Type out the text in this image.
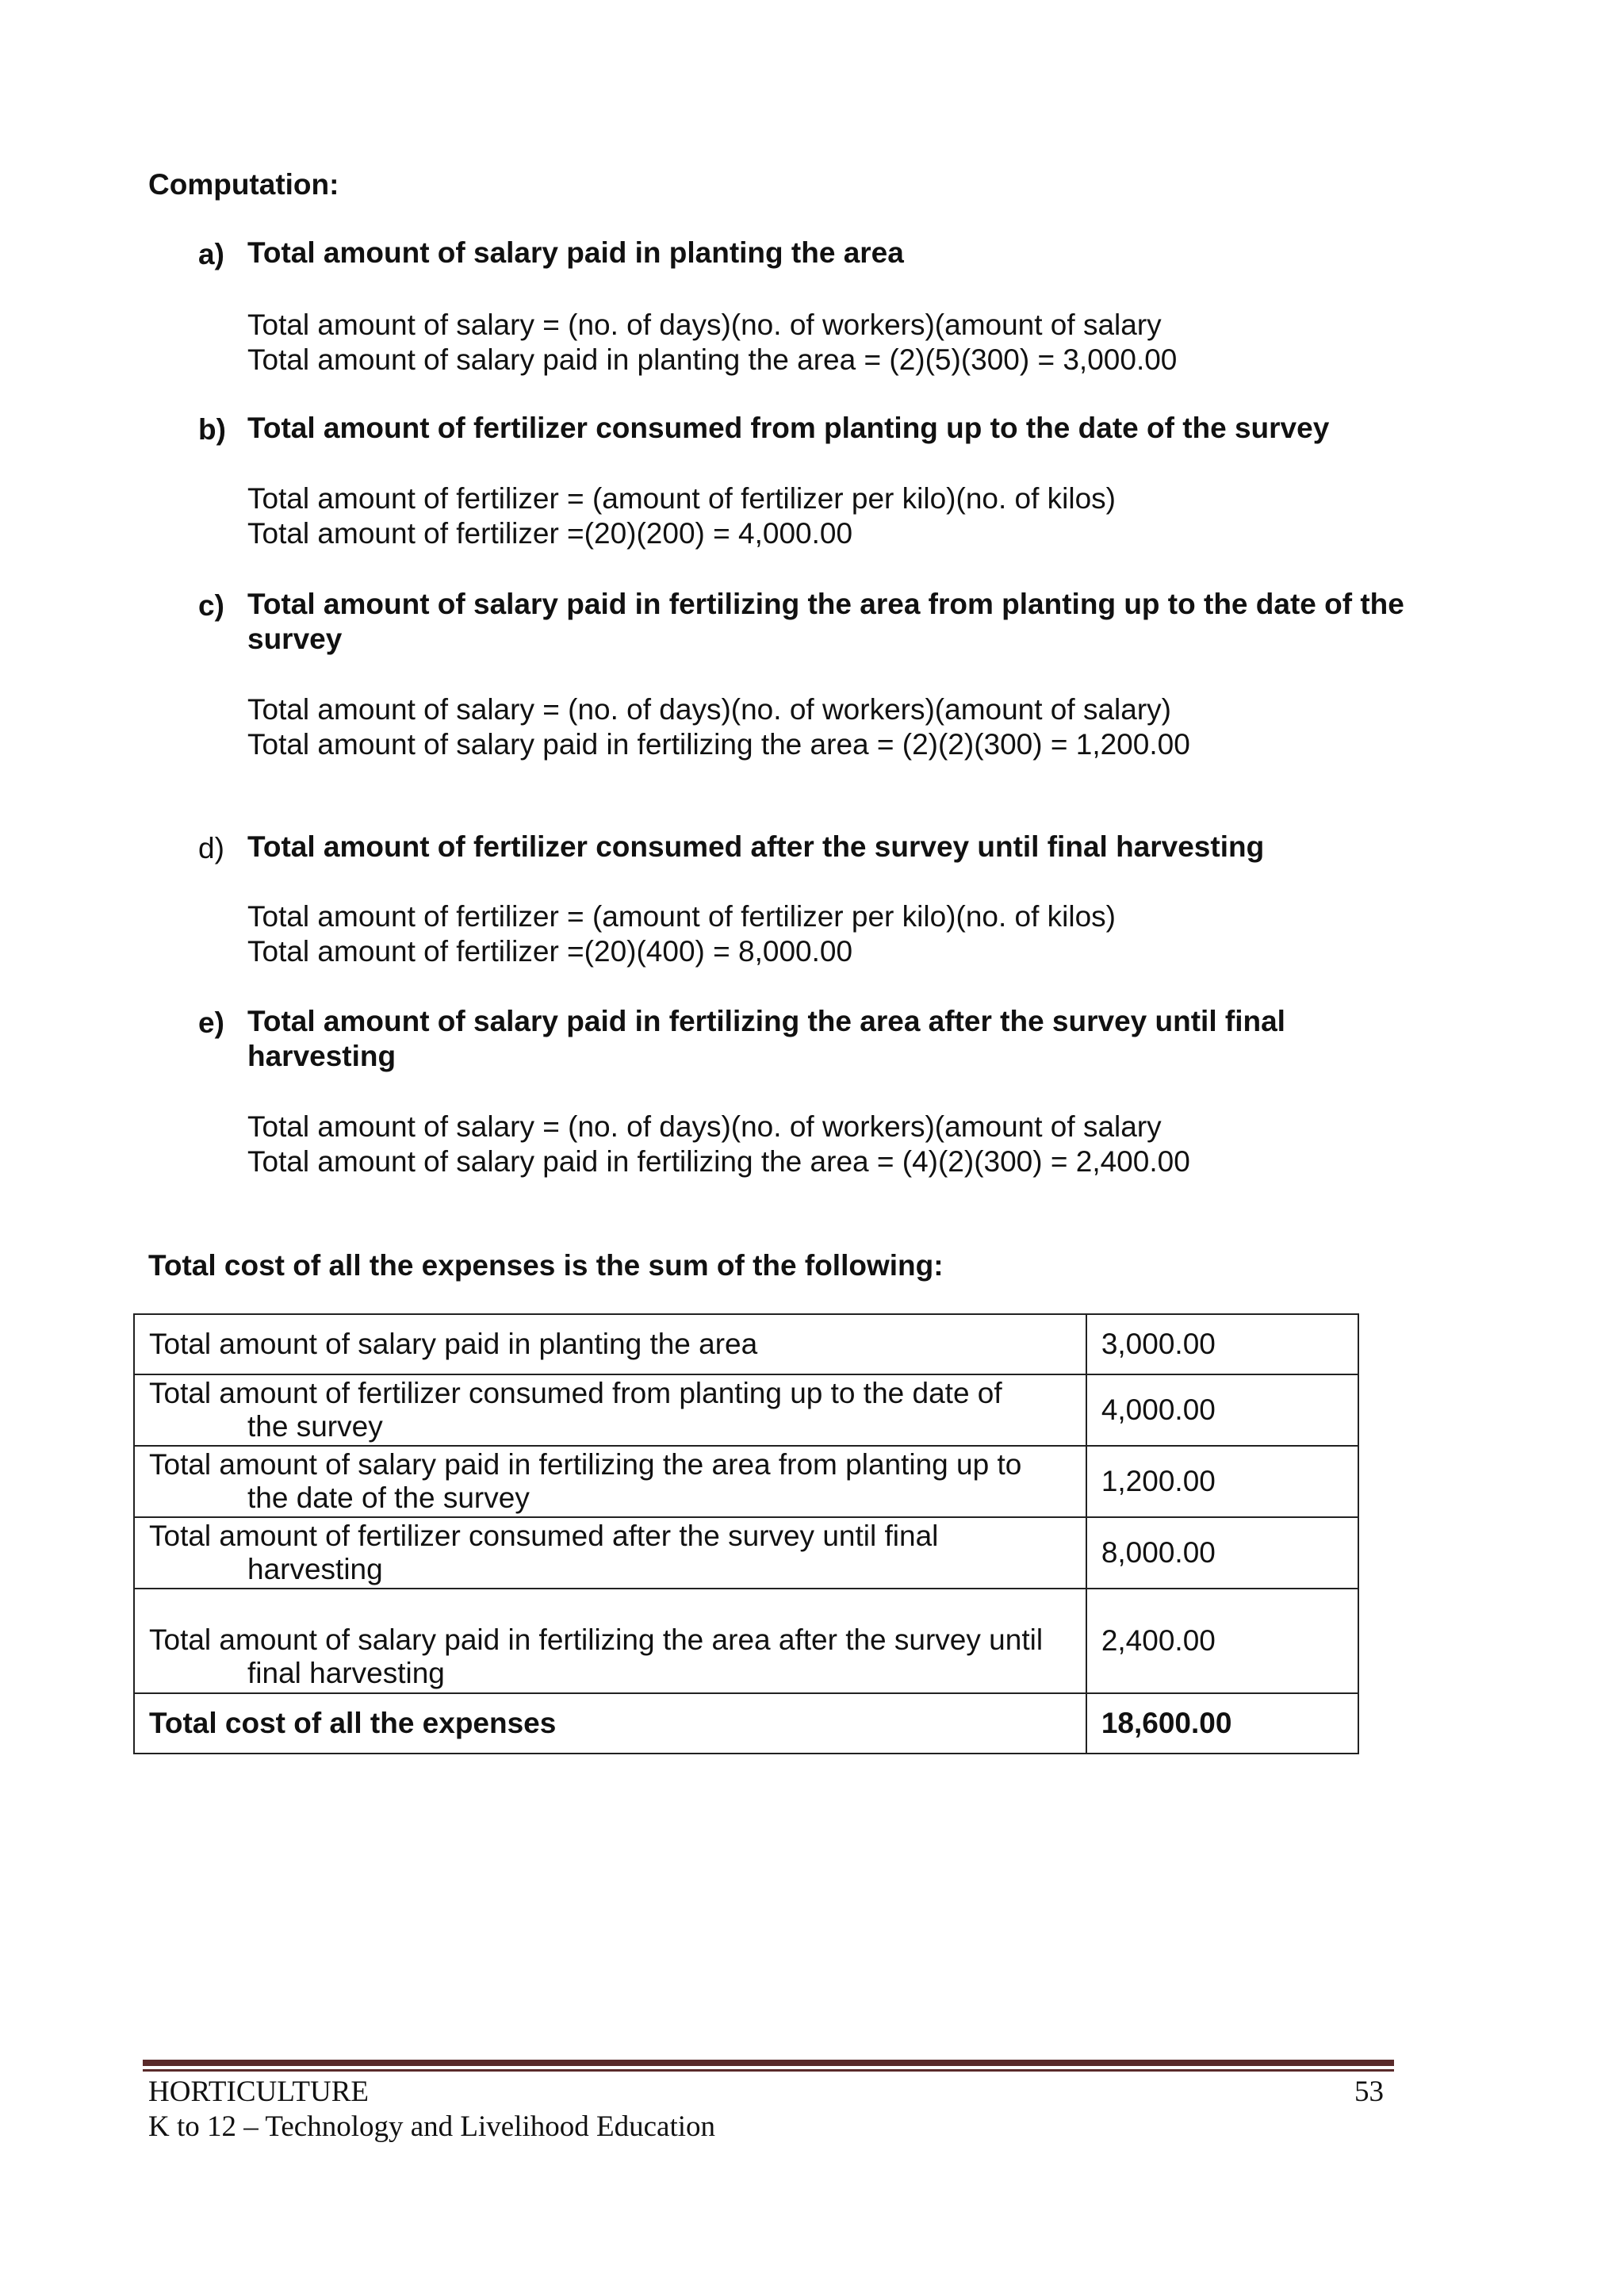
Computation:
a) Total amount of salary paid in planting the area
Total amount of salary = (no. of days)(no. of workers)(amount of salary
Total amount of salary paid in planting the area = (2)(5)(300) = 3,000.00
b) Total amount of fertilizer consumed from planting up to the date of the survey
Total amount of fertilizer = (amount of fertilizer per kilo)(no. of kilos)
Total amount of fertilizer =(20)(200) = 4,000.00
c) Total amount of salary paid in fertilizing the area from planting up to the date of the survey
Total amount of salary = (no. of days)(no. of workers)(amount of salary)
Total amount of salary paid in fertilizing the area = (2)(2)(300) = 1,200.00
d) Total amount of fertilizer consumed after the survey until final harvesting
Total amount of fertilizer = (amount of fertilizer per kilo)(no. of kilos)
Total amount of fertilizer =(20)(400) = 8,000.00
e) Total amount of salary paid in fertilizing the area after the survey until final harvesting
Total amount of salary = (no. of days)(no. of workers)(amount of salary
Total amount of salary paid in fertilizing the area = (4)(2)(300) = 2,400.00
Total cost of all the expenses is the sum of the following:
Total amount of salary paid in planting the area	3,000.00
Total amount of fertilizer consumed from planting up to the date of
the survey	4,000.00
Total amount of salary paid in fertilizing the area from planting up to
the date of the survey	1,200.00
Total amount of fertilizer consumed after the survey until final
harvesting	8,000.00
Total amount of salary paid in fertilizing the area after the survey until
final harvesting	2,400.00
Total cost of all the expenses	18,600.00
HORTICULTURE	53
K to 12 – Technology and Livelihood Education
